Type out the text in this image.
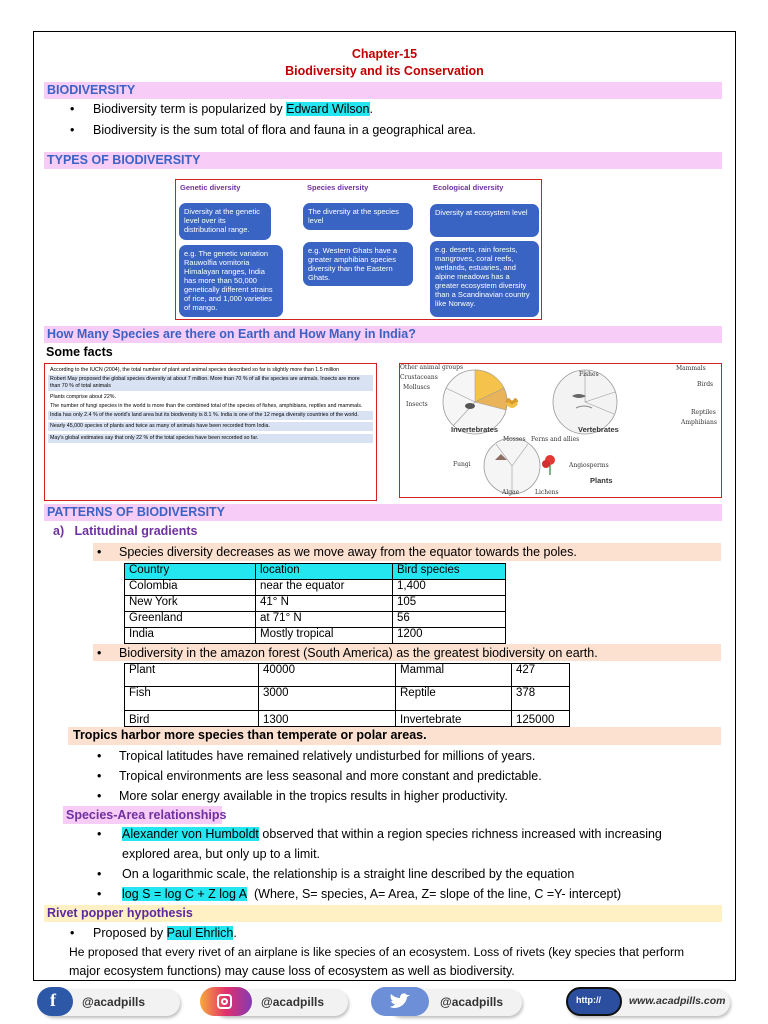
Chapter-15
Biodiversity and its Conservation
BIODIVERSITY
• Biodiversity term is popularized by Edward Wilson.
• Biodiversity is the sum total of flora and fauna in a geographical area.
TYPES OF BIODIVERSITY
Genetic diversity	Species diversity	Ecological diversity
Diversity at the genetic level over its distributional range.
The diversity at the species level
Diversity at ecosystem level
e.g. The genetic variation Rauwolfia vomitoria Himalayan ranges, India has more than 50,000 genetically different strains of rice, and 1,000 varieties of mango.
e.g. Western Ghats have a greater amphibian species diversity than the Eastern Ghats.
e.g. deserts, rain forests, mangroves, coral reefs, wetlands, estuaries, and alpine meadows has a greater ecosystem diversity than a Scandinavian country like Norway.
How Many Species are there on Earth and How Many in India?
Some facts

According to the IUCN (2004), the total number of plant and animal species described so far is slightly more than 1.5 million

Robert May proposed the global species diversity at about 7 million. More than 70 % of all the species are animals. Insects are more than 70 % of total animals

Plants comprise about 22%.

The number of fungi species in the world is more than the combined total of the species of fishes, amphibians, reptiles and mammals.

India has only 2.4 % of the world's land area but its biodiversity is 8.1 %. India is one of the 12 mega diversity countries of the world.

Nearly 45,000 species of plants and twice as many of animals have been recorded from India.

May's global estimates say that only 22 % of the total species have been recorded so far.

Other animal groups
Crustaceans
Molluscs
Insects
Fishes
Mammals
Birds
Reptiles
Amphibians
Invertebrates	Vertebrates
Mosses Ferns and allies
Fungi	Angiosperms
Algae	Lichens
Plants
PATTERNS OF BIODIVERSITY
a)   Latitudinal gradients
• Species diversity decreases as we move away from the equator towards the poles.
Country	location	Bird species
Colombia	near the equator	1,400
New York	41° N	105
Greenland	at 71° N	56
India	Mostly tropical	1200
• Biodiversity in the amazon forest (South America) as the greatest biodiversity on earth.
Plant	40000	Mammal	427
Fish	3000	Reptile	378
Bird	1300	Invertebrate	125000
Tropics harbor more species than temperate or polar areas.
• Tropical latitudes have remained relatively undisturbed for millions of years.
• Tropical environments are less seasonal and more constant and predictable.
• More solar energy available in the tropics results in higher productivity.
Species-Area relationships
• Alexander von Humboldt observed that within a region species richness increased with increasing
explored area, but only up to a limit.
• On a logarithmic scale, the relationship is a straight line described by the equation
• log S = log C + Z log A  (Where, S= species, A= Area, Z= slope of the line, C =Y- intercept)
Rivet popper hypothesis
• Proposed by Paul Ehrlich.
He proposed that every rivet of an airplane is like species of an ecosystem. Loss of rivets (key species that perform
major ecosystem functions) may cause loss of ecosystem as well as biodiversity.
@acadpills
f	@acadpills	@acadpills	www.acadpills.com
http://
